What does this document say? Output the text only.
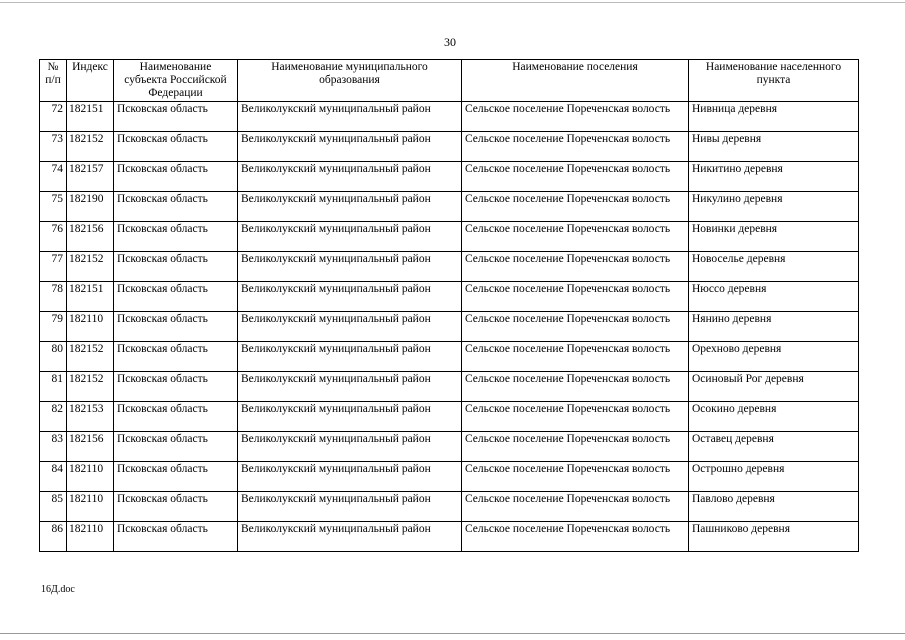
30
№ п/п	Индекс	Наименование субъекта Российской Федерации	Наименование муниципального образования	Наименование поселения	Наименование населенного пункта
72	182151	Псковская область	Великолукский муниципальный район	Сельское поселение Пореченская волость	Нивница деревня
73	182152	Псковская область	Великолукский муниципальный район	Сельское поселение Пореченская волость	Нивы деревня
74	182157	Псковская область	Великолукский муниципальный район	Сельское поселение Пореченская волость	Никитино деревня
75	182190	Псковская область	Великолукский муниципальный район	Сельское поселение Пореченская волость	Никулино деревня
76	182156	Псковская область	Великолукский муниципальный район	Сельское поселение Пореченская волость	Новинки деревня
77	182152	Псковская область	Великолукский муниципальный район	Сельское поселение Пореченская волость	Новоселье деревня
78	182151	Псковская область	Великолукский муниципальный район	Сельское поселение Пореченская волость	Нюссо деревня
79	182110	Псковская область	Великолукский муниципальный район	Сельское поселение Пореченская волость	Нянино деревня
80	182152	Псковская область	Великолукский муниципальный район	Сельское поселение Пореченская волость	Орехново деревня
81	182152	Псковская область	Великолукский муниципальный район	Сельское поселение Пореченская волость	Осиновый Рог деревня
82	182153	Псковская область	Великолукский муниципальный район	Сельское поселение Пореченская волость	Осокино деревня
83	182156	Псковская область	Великолукский муниципальный район	Сельское поселение Пореченская волость	Оставец деревня
84	182110	Псковская область	Великолукский муниципальный район	Сельское поселение Пореченская волость	Острошно деревня
85	182110	Псковская область	Великолукский муниципальный район	Сельское поселение Пореченская волость	Павлово деревня
86	182110	Псковская область	Великолукский муниципальный район	Сельское поселение Пореченская волость	Пашниково деревня
16Д.doc
